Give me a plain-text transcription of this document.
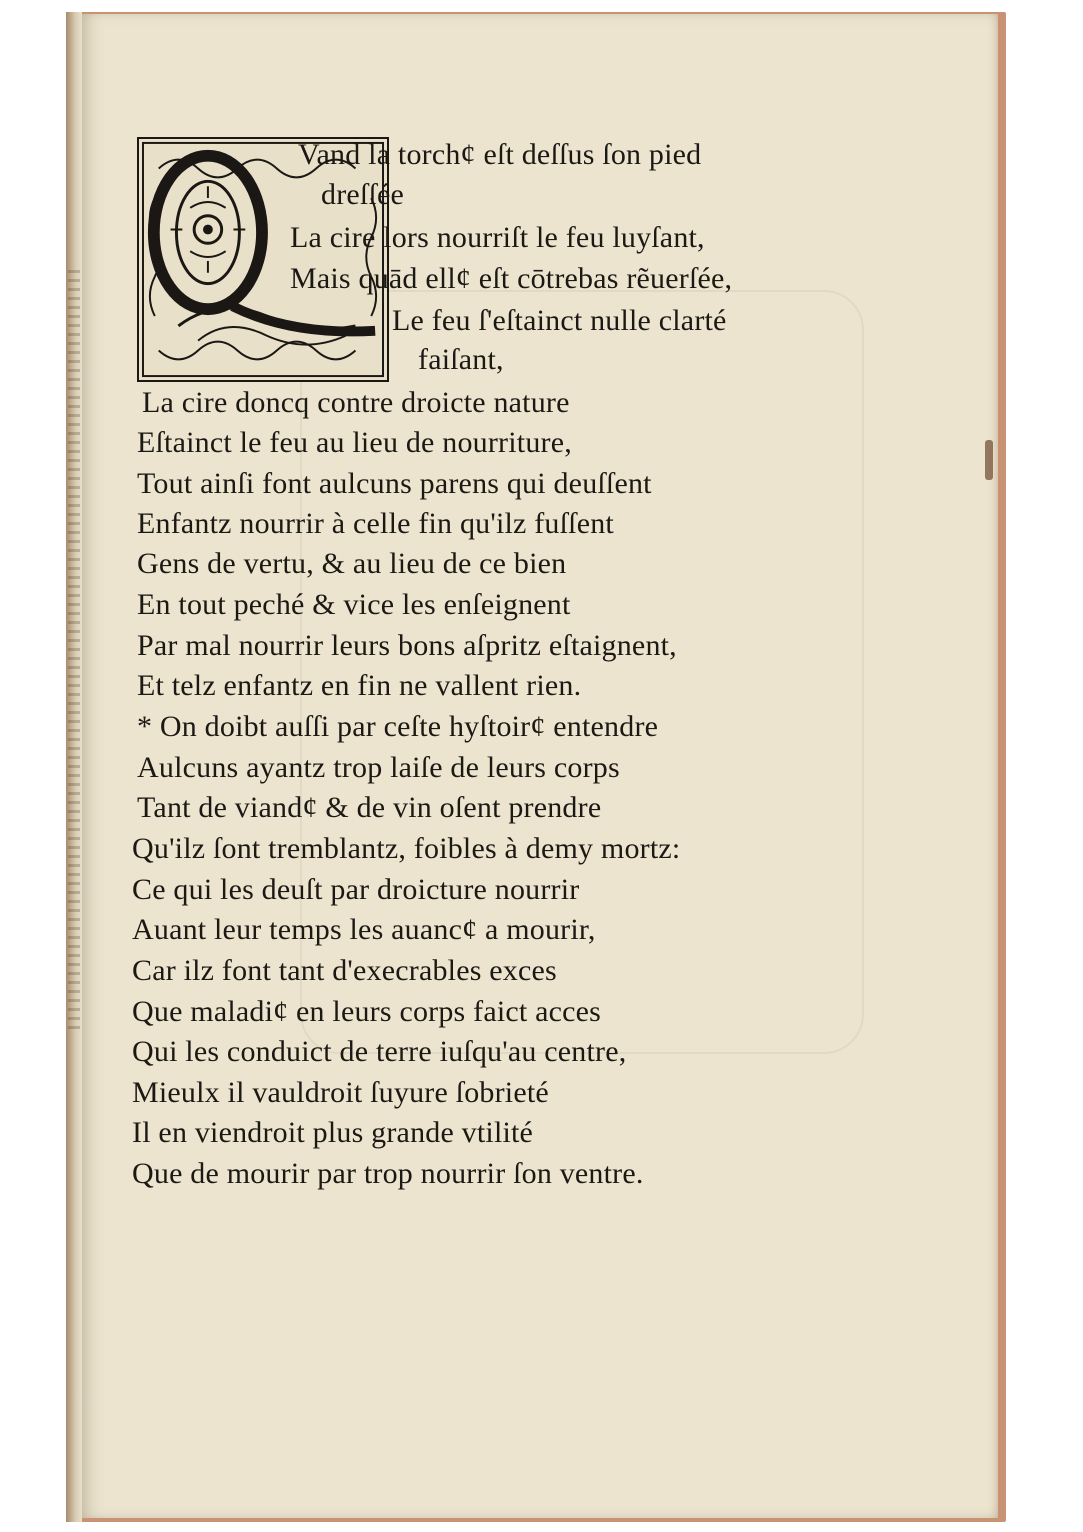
Vand la torchȼ eſt deſſus ſon pied
dreſſée
La cire lors nourriſt le feu luyſant,
Mais quād ellȼ eſt cōtrebas rẽuerſée,
Le feu ſ'eſtainct nulle clarté
faiſant,
La cire doncq contre droicte nature
Eſtainct le feu au lieu de nourriture,
Tout ainſi font aulcuns parens qui deuſſent
Enfantz nourrir à celle fin qu'ilz fuſſent
Gens de vertu, & au lieu de ce bien
En tout peché & vice les enſeignent
Par mal nourrir leurs bons aſpritz eſtaignent,
Et telz enfantz en fin ne vallent rien.
* On doibt auſſi par ceſte hyſtoirȼ entendre
Aulcuns ayantz trop laiſe de leurs corps
Tant de viandȼ & de vin oſent prendre
Qu'ilz ſont tremblantz, foibles à demy mortz:
Ce qui les deuſt par droicture nourrir
Auant leur temps les auancȼ a mourir,
Car ilz font tant d'execrables exces
Que maladiȼ en leurs corps faict acces
Qui les conduict de terre iuſqu'au centre,
Mieulx il vauldroit ſuyure ſobrieté
Il en viendroit plus grande vtilité
Que de mourir par trop nourrir ſon ventre.
